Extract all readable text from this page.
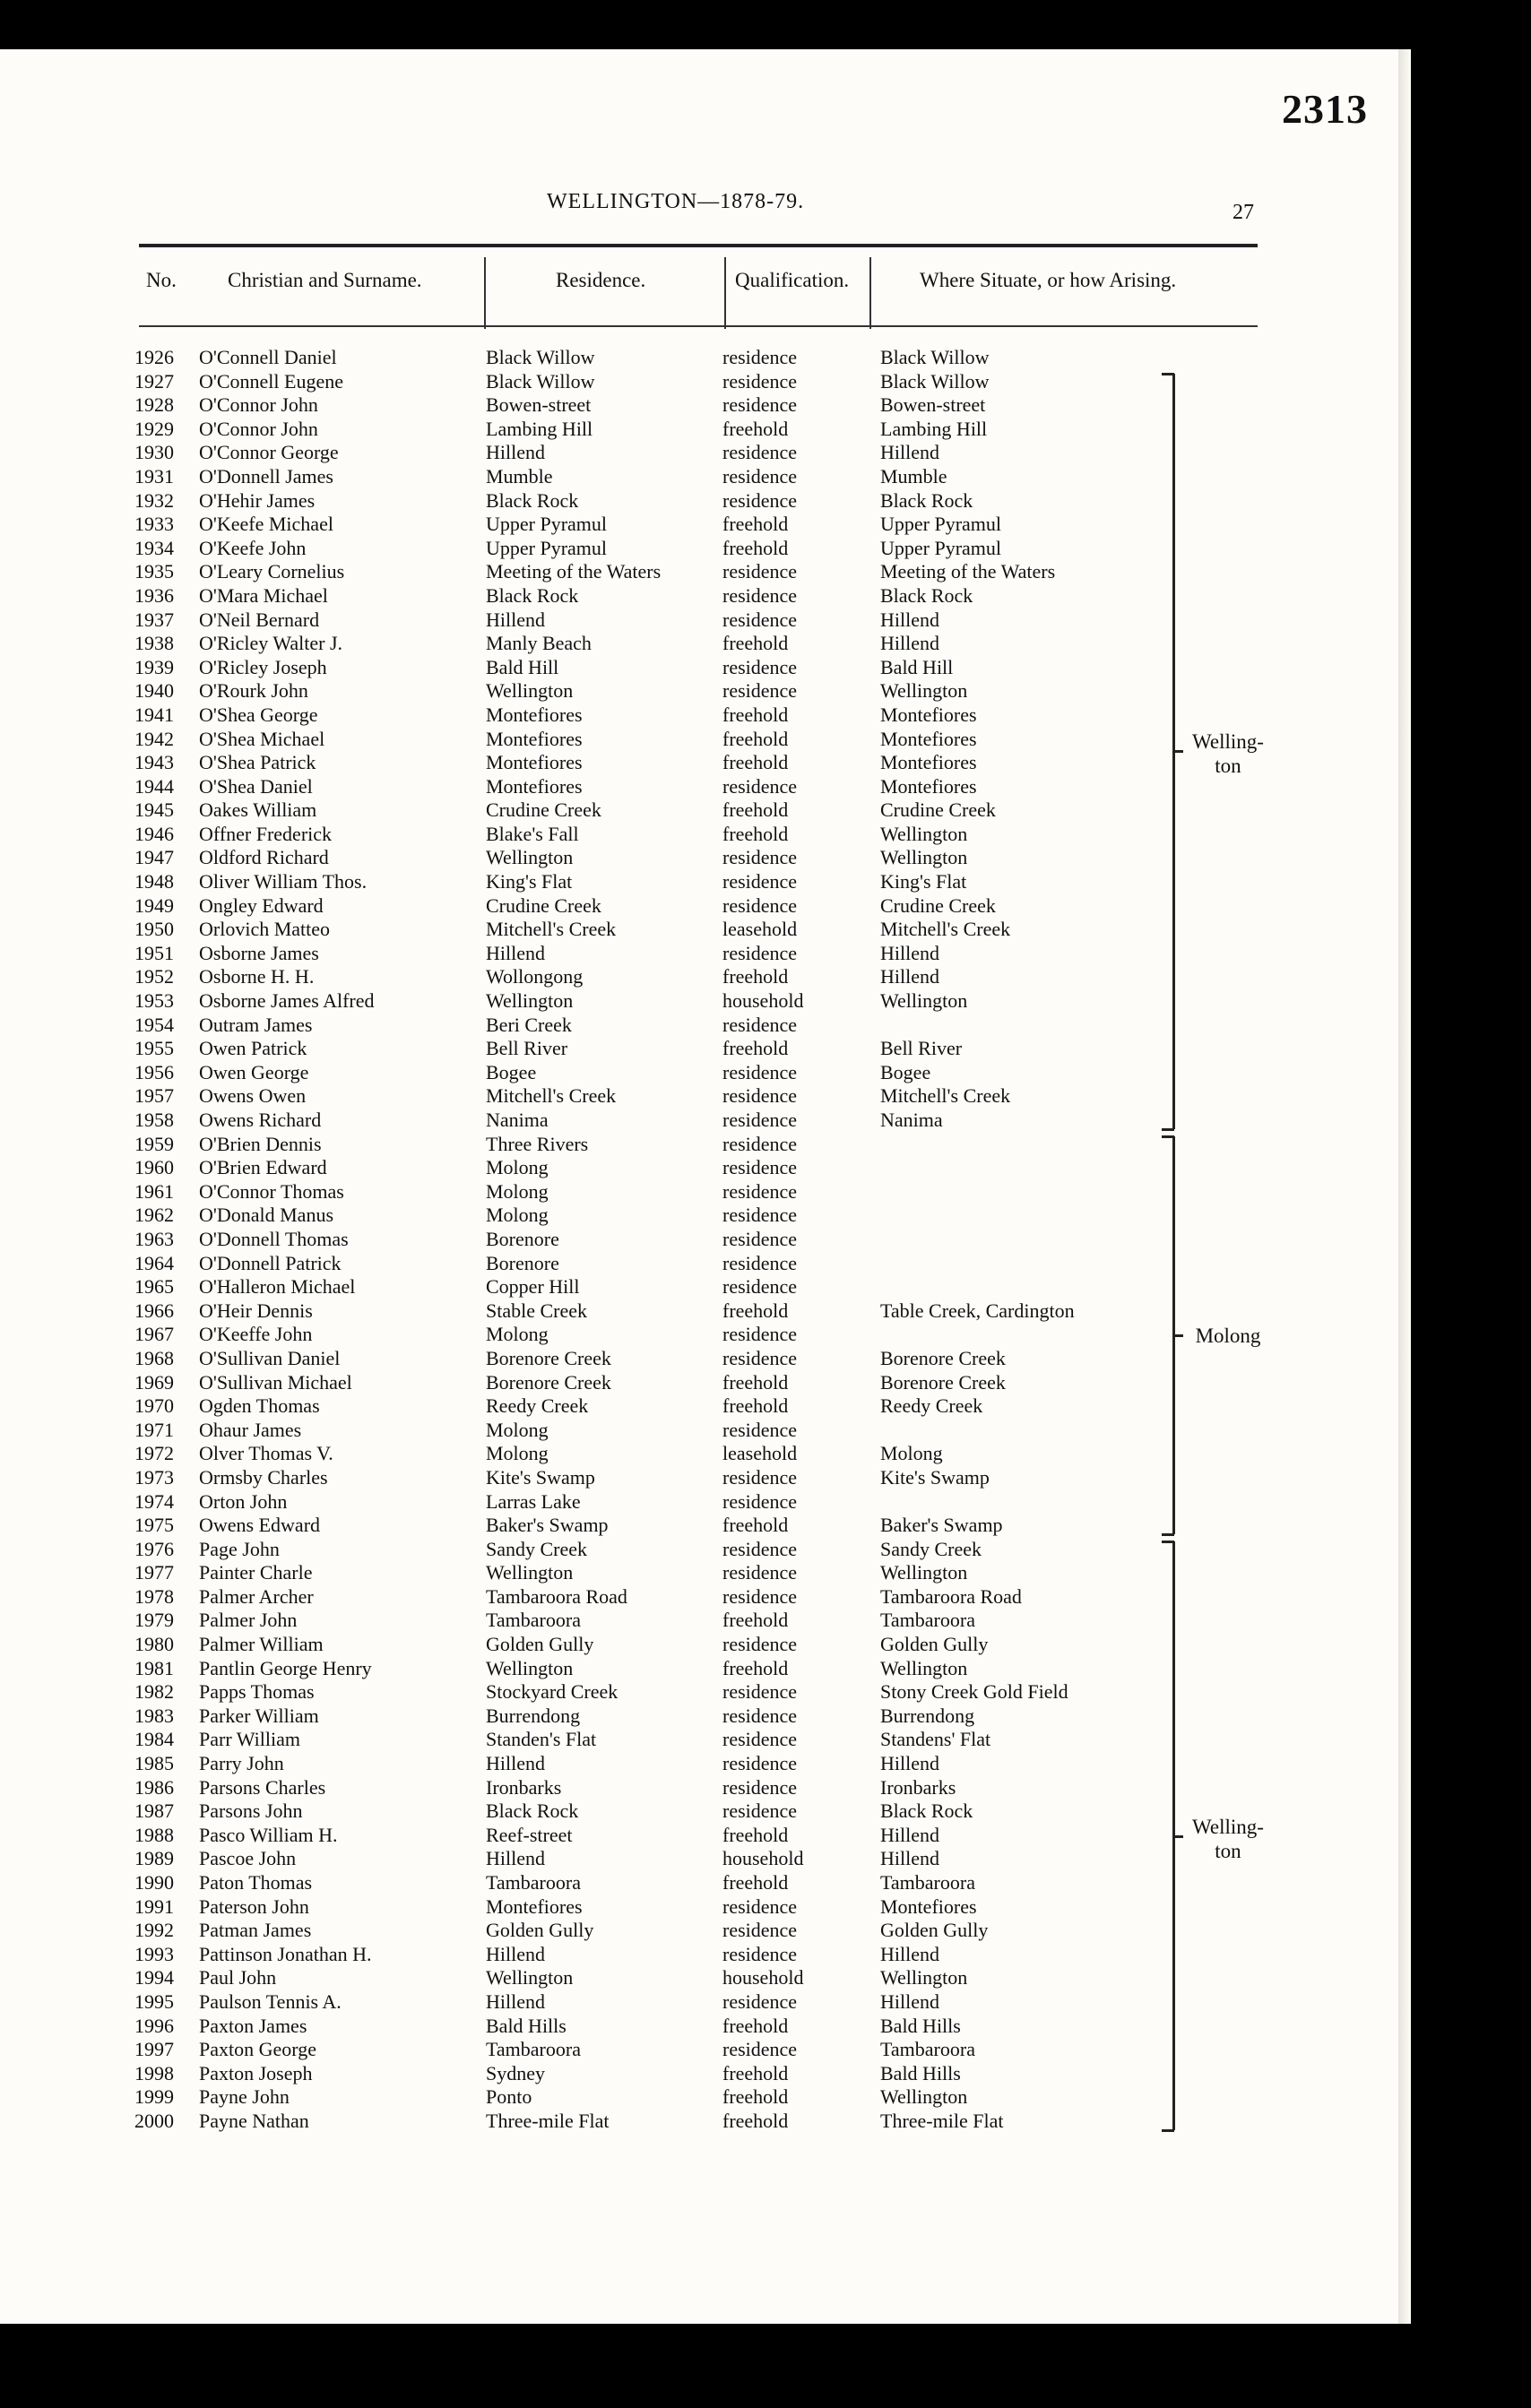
2313
WELLINGTON—1878-79.	27
No. Christian and Surname.	Residence.	Qualification.	Where Situate, or how Arising.
1926 O'Connell Daniel	Black Willow	residence	Black Willow
1927 O'Connell Eugene	Black Willow	residence	Black Willow
1928 O'Connor John	Bowen-street	residence	Bowen-street
1929 O'Connor John	Lambing Hill	freehold	Lambing Hill
1930 O'Connor George	Hillend	residence	Hillend
1931 O'Donnell James	Mumble	residence	Mumble
1932 O'Hehir James	Black Rock	residence	Black Rock
1933 O'Keefe Michael	Upper Pyramul	freehold	Upper Pyramul
1934 O'Keefe John	Upper Pyramul	freehold	Upper Pyramul
1935 O'Leary Cornelius	Meeting of the Waters	residence	Meeting of the Waters
1936 O'Mara Michael	Black Rock	residence	Black Rock
1937 O'Neil Bernard	Hillend	residence	Hillend
1938 O'Ricley Walter J.	Manly Beach	freehold	Hillend
1939 O'Ricley Joseph	Bald Hill	residence	Bald Hill
1940 O'Rourk John	Wellington	residence	Wellington
1941 O'Shea George	Montefiores	freehold	Montefiores
1942 O'Shea Michael	Montefiores	freehold	Montefiores
1943 O'Shea Patrick	Montefiores	freehold	Montefiores
1944 O'Shea Daniel	Montefiores	residence	Montefiores
1945 Oakes William	Crudine Creek	freehold	Crudine Creek
1946 Offner Frederick	Blake's Fall	freehold	Wellington
1947 Oldford Richard	Wellington	residence	Wellington
1948 Oliver William Thos.	King's Flat	residence	King's Flat
1949 Ongley Edward	Crudine Creek	residence	Crudine Creek
1950 Orlovich Matteo	Mitchell's Creek	leasehold	Mitchell's Creek
1951 Osborne James	Hillend	residence	Hillend
1952 Osborne H. H.	Wollongong	freehold	Hillend
1953 Osborne James Alfred	Wellington	household	Wellington
1954 Outram James	Beri Creek	residence
1955 Owen Patrick	Bell River	freehold	Bell River
1956 Owen George	Bogee	residence	Bogee
1957 Owens Owen	Mitchell's Creek	residence	Mitchell's Creek
1958 Owens Richard	Nanima	residence	Nanima
1959 O'Brien Dennis	Three Rivers	residence
1960 O'Brien Edward	Molong	residence
1961 O'Connor Thomas	Molong	residence
1962 O'Donald Manus	Molong	residence
1963 O'Donnell Thomas	Borenore	residence
1964 O'Donnell Patrick	Borenore	residence
1965 O'Halleron Michael	Copper Hill	residence
1966 O'Heir Dennis	Stable Creek	freehold	Table Creek, Cardington
1967 O'Keeffe John	Molong	residence
1968 O'Sullivan Daniel	Borenore Creek	residence	Borenore Creek
1969 O'Sullivan Michael	Borenore Creek	freehold	Borenore Creek
1970 Ogden Thomas	Reedy Creek	freehold	Reedy Creek
1971 Ohaur James	Molong	residence
1972 Olver Thomas V.	Molong	leasehold	Molong
1973 Ormsby Charles	Kite's Swamp	residence	Kite's Swamp
1974 Orton John	Larras Lake	residence
1975 Owens Edward	Baker's Swamp	freehold	Baker's Swamp
1976 Page John	Sandy Creek	residence	Sandy Creek
1977 Painter Charle	Wellington	residence	Wellington
1978 Palmer Archer	Tambaroora Road	residence	Tambaroora Road
1979 Palmer John	Tambaroora	freehold	Tambaroora
1980 Palmer William	Golden Gully	residence	Golden Gully
1981 Pantlin George Henry	Wellington	freehold	Wellington
1982 Papps Thomas	Stockyard Creek	residence	Stony Creek Gold Field
1983 Parker William	Burrendong	residence	Burrendong
1984 Parr William	Standen's Flat	residence	Standens' Flat
1985 Parry John	Hillend	residence	Hillend
1986 Parsons Charles	Ironbarks	residence	Ironbarks
1987 Parsons John	Black Rock	residence	Black Rock
1988 Pasco William H.	Reef-street	freehold	Hillend
1989 Pascoe John	Hillend	household	Hillend
1990 Paton Thomas	Tambaroora	freehold	Tambaroora
1991 Paterson John	Montefiores	residence	Montefiores
1992 Patman James	Golden Gully	residence	Golden Gully
1993 Pattinson Jonathan H.	Hillend	residence	Hillend
1994 Paul John	Wellington	household	Wellington
1995 Paulson Tennis A.	Hillend	residence	Hillend
1996 Paxton James	Bald Hills	freehold	Bald Hills
1997 Paxton George	Tambaroora	residence	Tambaroora
1998 Paxton Joseph	Sydney	freehold	Bald Hills
1999 Payne John	Ponto	freehold	Wellington
2000 Payne Nathan	Three-mile Flat	freehold	Three-mile Flat
Welling-
ton
Molong
Welling-
ton
